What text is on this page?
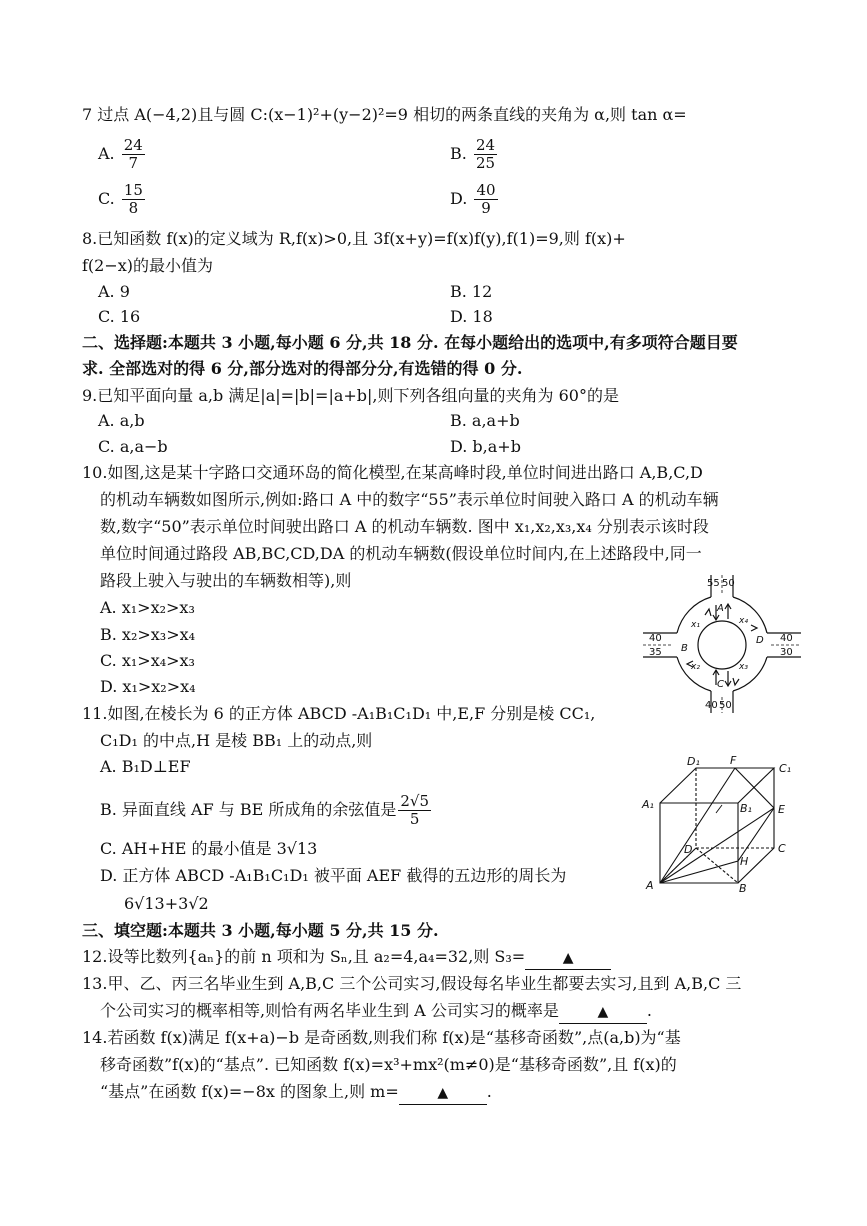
7 过点 A(−4,2)且与圆 C:(x−1)²+(y−2)²=9 相切的两条直线的夹角为 α,则 tan α=
A. $\frac{24}{7}$	B. $\frac{24}{25}$
C. $\frac{15}{8}$	D. $\frac{40}{9}$
8.已知函数 f(x)的定义域为 R,f(x)>0,且 3f(x+y)=f(x)f(y),f(1)=9,则 f(x)+
f(2−x)的最小值为
A. 9	B. 12
C. 16	D. 18
二、选择题:本题共 3 小题,每小题 6 分,共 18 分. 在每小题给出的选项中,有多项符合题目要
求. 全部选对的得 6 分,部分选对的得部分分,有选错的得 0 分.
9.已知平面向量 a,b 满足|a|=|b|=|a+b|,则下列各组向量的夹角为 60°的是
A. a,b	B. a,a+b
C. a,a−b	D. b,a+b
10.如图,这是某十字路口交通环岛的简化模型,在某高峰时段,单位时间进出路口 A,B,C,D
的机动车辆数如图所示,例如:路口 A 中的数字“55”表示单位时间驶入路口 A 的机动车辆
数,数字“50”表示单位时间驶出路口 A 的机动车辆数. 图中 x₁,x₂,x₃,x₄ 分别表示该时段
单位时间通过路段 AB,BC,CD,DA 的机动车辆数(假设单位时间内,在上述路段中,同一
路段上驶入与驶出的车辆数相等),则
A. x₁>x₂>x₃
B. x₂>x₃>x₄
C. x₁>x₄>x₃
D. x₁>x₂>x₄
55 50
A
40
35 B
40 50
C
40
30
D
x₁
x₂	x₃
x₄
11.如图,在棱长为 6 的正方体 ABCD -A₁B₁C₁D₁ 中,E,F 分别是棱 CC₁,
C₁D₁ 的中点,H 是棱 BB₁ 上的动点,则
A. B₁D⊥EF
B. 异面直线 AF 与 BE 所成角的余弦值是 $\frac{2√5}{5}$
C. AH+HE 的最小值是 3√13
D. 正方体 ABCD -A₁B₁C₁D₁ 被平面 AEF 截得的五边形的周长为
6√13+3√2
A₁	B₁
D₁
C₁
F
E
D	C
H
A	B
三、填空题:本题共 3 小题,每小题 5 分,共 15 分.
12.设等比数列{aₙ}的前 n 项和为 Sₙ,且 a₂=4,a₄=32,则 S₃=	▲
13.甲、乙、丙三名毕业生到 A,B,C 三个公司实习,假设每名毕业生都要去实习,且到 A,B,C 三
个公司实习的概率相等,则恰有两名毕业生到 A 公司实习的概率是	▲ .
14.若函数 f(x)满足 f(x+a)−b 是奇函数,则我们称 f(x)是“基移奇函数”,点(a,b)为“基
移奇函数”f(x)的“基点”. 已知函数 f(x)=x³+mx²(m≠0)是“基移奇函数”,且 f(x)的
“基点”在函数 f(x)=−8x 的图象上,则 m=	▲ .
